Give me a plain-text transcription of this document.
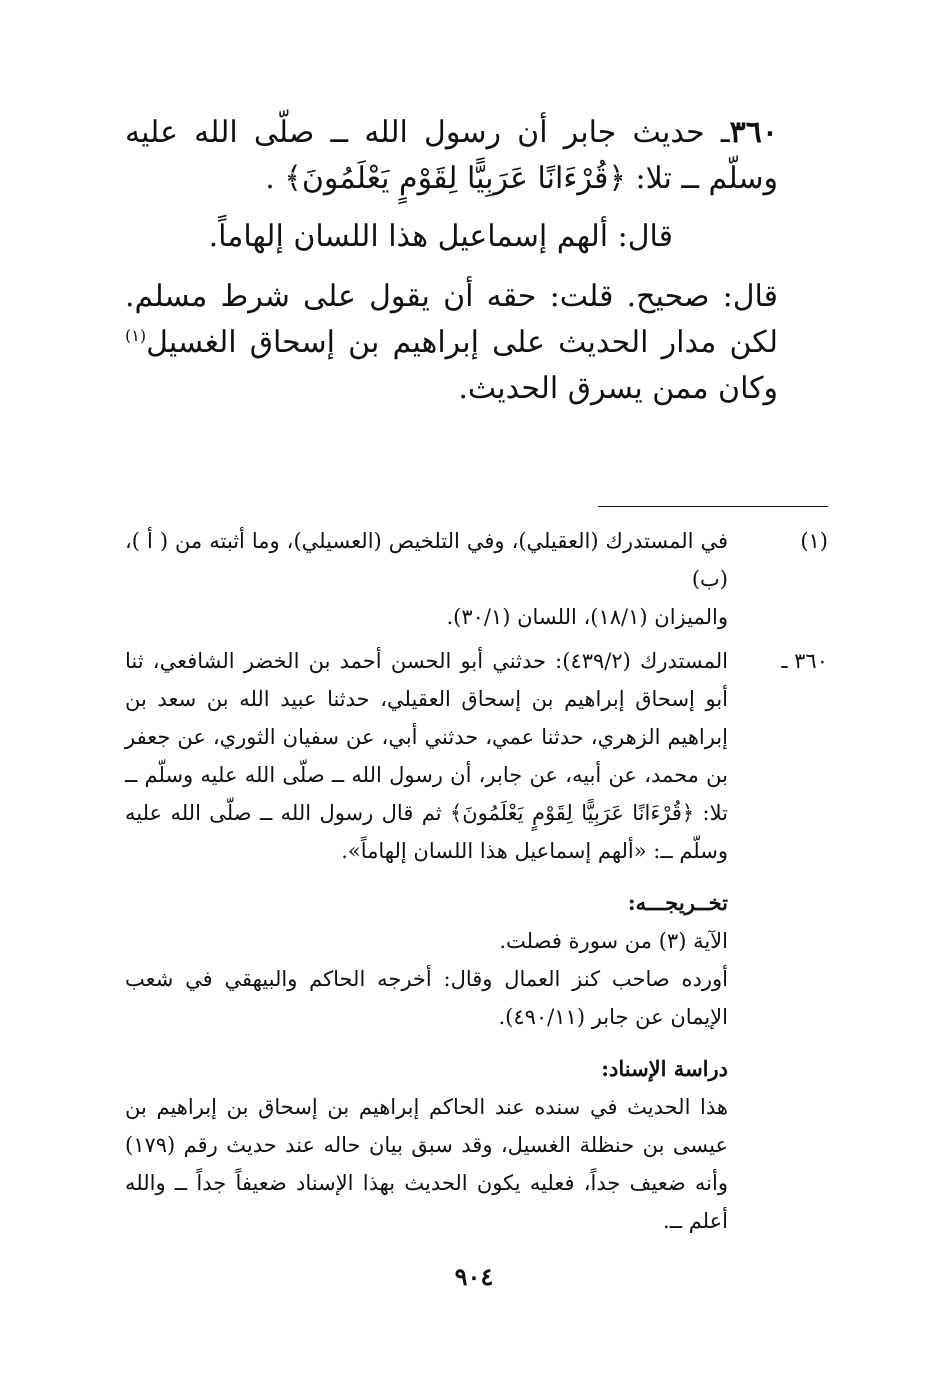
٣٦٠ـ حديث جابر أن رسول الله ــ صلّى الله عليه وسلّم ــ تلا: ﴿قُرْءَانًا عَرَبِيًّا لِقَوْمٍ يَعْلَمُونَ﴾ .

قال: ألهم إسماعيل هذا اللسان إلهاماً.

قال: صحيح. قلت: حقه أن يقول على شرط مسلم. لكن مدار الحديث على إبراهيم بن إسحاق الغسيل$^{(١)}$ وكان ممن يسرق الحديث.

(١)

في المستدرك (العقيلي)، وفي التلخيص (العسيلي)، وما أثبته من ( أ )، (ب)

والميزان (١٨/١)، اللسان (٣٠/١).

٣٦٠ ـ

المستدرك (٤٣٩/٢): حدثني أبو الحسن أحمد بن الخضر الشافعي، ثنا أبو إسحاق إبراهيم بن إسحاق العقيلي، حدثنا عبيد الله بن سعد بن إبراهيم الزهري، حدثنا عمي، حدثني أبي، عن سفيان الثوري، عن جعفر بن محمد، عن أبيه، عن جابر، أن رسول الله ــ صلّى الله عليه وسلّم ــ تلا: ﴿قُرْءَانًا عَرَبِيًّا لِقَوْمٍ يَعْلَمُونَ﴾ ثم قال رسول الله ــ صلّى الله عليه وسلّم ــ: «ألهم إسماعيل هذا اللسان إلهاماً».

تخــريجـــه:

الآية (٣) من سورة فصلت.

أورده صاحب كنز العمال وقال: أخرجه الحاكم والبيهقي في شعب الإيمان عن جابر (٤٩٠/١١).

دراسة الإسناد:

هذا الحديث في سنده عند الحاكم إبراهيم بن إسحاق بن إبراهيم بن عيسى بن حنظلة الغسيل، وقد سبق بيان حاله عند حديث رقم (١٧٩) وأنه ضعيف جداً، فعليه يكون الحديث بهذا الإسناد ضعيفاً جداً ــ والله أعلم ــ.

٩٠٤
